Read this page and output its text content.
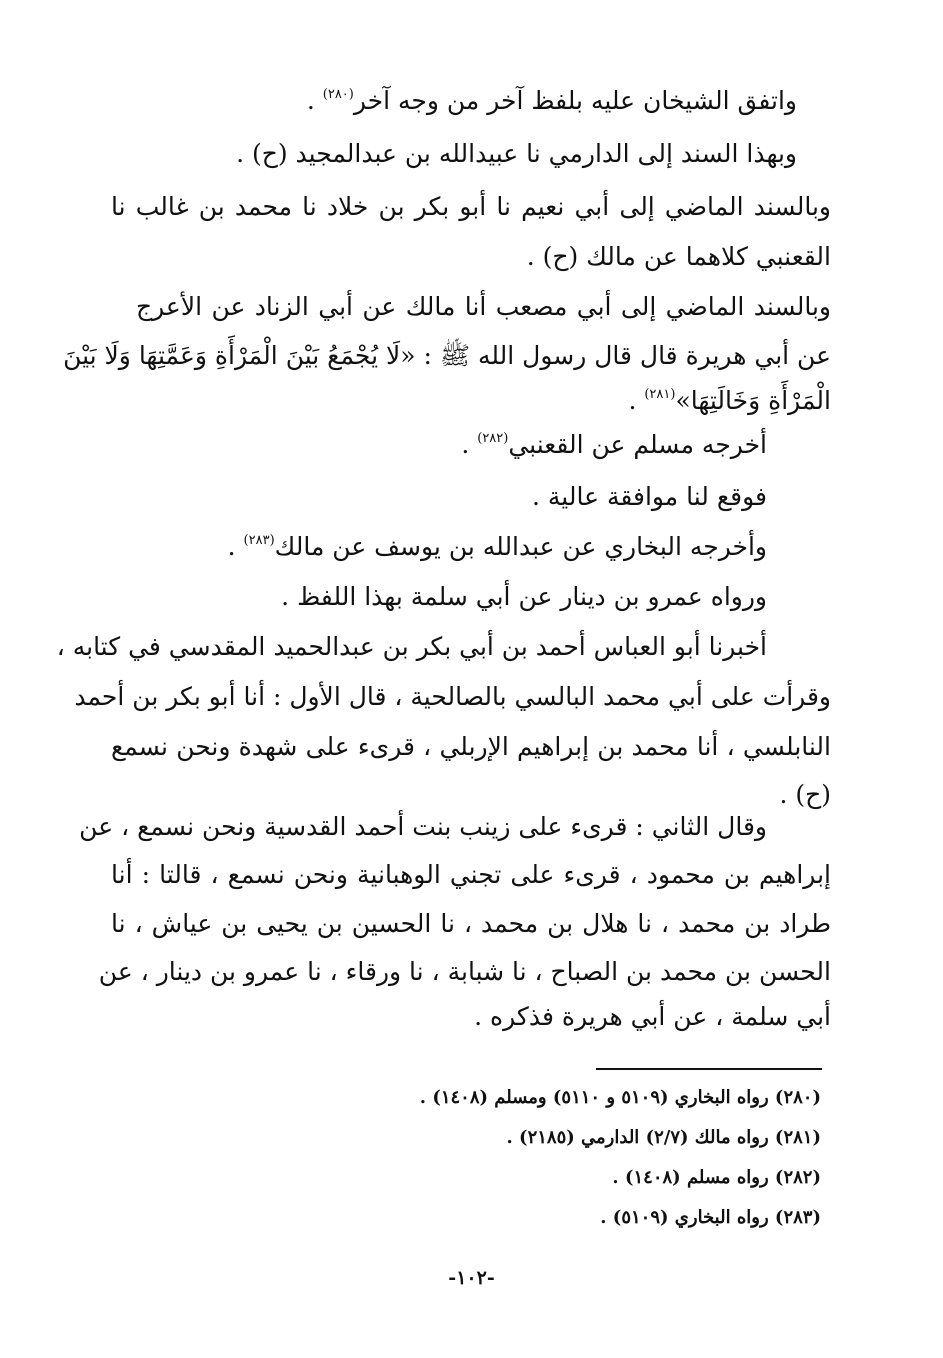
واتفق الشيخان عليه بلفظ آخر من وجه آخر$^{(٢٨٠)}$ .
وبهذا السند إلى الدارمي نا عبيدالله بن عبدالمجيد (ح) .
وبالسند الماضي إلى أبي نعيم نا أبو بكر بن خلاد نا محمد بن غالب نا
القعنبي كلاهما عن مالك (ح) .
وبالسند الماضي إلى أبي مصعب أنا مالك عن أبي الزناد عن الأعرج
عن أبي هريرة قال قال رسول الله ﷺ : «لَا يُجْمَعُ بَيْنَ الْمَرْأَةِ وَعَمَّتِهَا وَلَا بَيْنَ
الْمَرْأَةِ وَخَالَتِهَا»$^{(٢٨١)}$ .
أخرجه مسلم عن القعنبي$^{(٢٨٢)}$ .
فوقع لنا موافقة عالية .
وأخرجه البخاري عن عبدالله بن يوسف عن مالك$^{(٢٨٣)}$ .
ورواه عمرو بن دينار عن أبي سلمة بهذا اللفظ .
أخبرنا أبو العباس أحمد بن أبي بكر بن عبدالحميد المقدسي في كتابه ،
وقرأت على أبي محمد البالسي بالصالحية ، قال الأول : أنا أبو بكر بن أحمد
النابلسي ، أنا محمد بن إبراهيم الإربلي ، قرىء على شهدة ونحن نسمع
(ح) .
وقال الثاني : قرىء على زينب بنت أحمد القدسية ونحن نسمع ، عن
إبراهيم بن محمود ، قرىء على تجني الوهبانية ونحن نسمع ، قالتا : أنا
طراد بن محمد ، نا هلال بن محمد ، نا الحسين بن يحيى بن عياش ، نا
الحسن بن محمد بن الصباح ، نا شبابة ، نا ورقاء ، نا عمرو بن دينار ، عن
أبي سلمة ، عن أبي هريرة فذكره .
(٢٨٠) رواه البخاري (٥١٠٩ و ٥١١٠) ومسلم (١٤٠٨) .
(٢٨١) رواه مالك (٢/٧) الدارمي (٢١٨٥) .
(٢٨٢) رواه مسلم (١٤٠٨) .
(٢٨٣) رواه البخاري (٥١٠٩) .
-١٠٢-
